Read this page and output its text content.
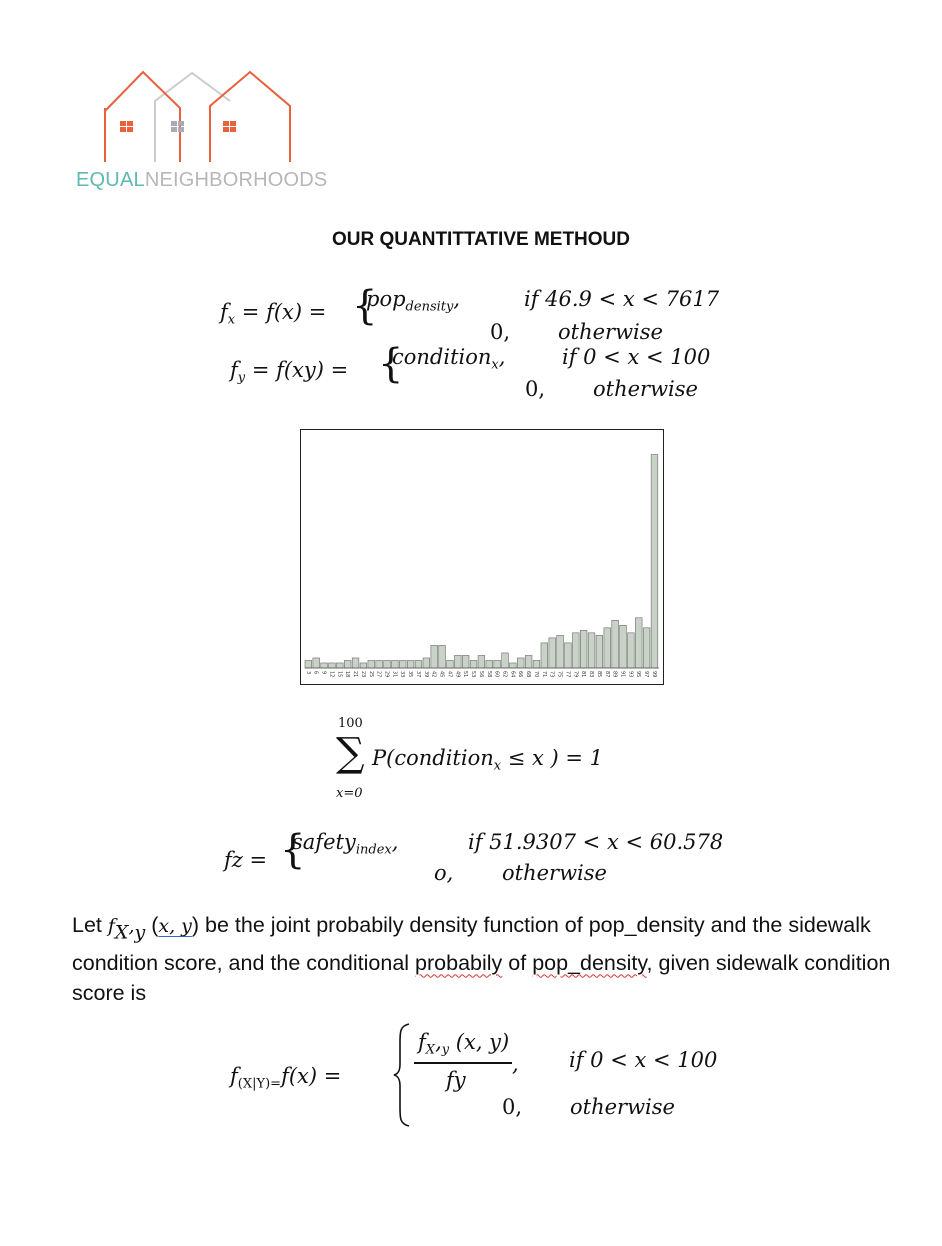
EQUALNEIGHBORHOODS
OUR QUANTITTATIVE METHOUD
$f_x = f(x)$ = {
pop$_{density}$,	if 46.9 < x < 7617
0, otherwise
$f_y = f(xy)$ = {
condition$_x$,	if 0 < x < 100
0, otherwise
3 6 9 12 15 18 21 23 25 27 29 31 33 35 37 39 42 45 47 49 51 53 56 58 60 62 64 66 68 70 71 73 75 77 79 81 83 85 87 89 91 93 95 97 99
100
∑
x=0
P(condition$_x$ ≤ x ) = 1
fz = {
safety$_{index}$,	if 51.9307 < x < 60.578
o, otherwise
Let fX,y (x, y) be the joint probabily density function of pop_density and the sidewalk condition score, and the conditional probabily of pop_density, given sidewalk condition score is
$f_{(X|Y)=}f(x)$ =
$f_X,_y$ (x, y)
fy
, if 0 < x < 100
0, otherwise
